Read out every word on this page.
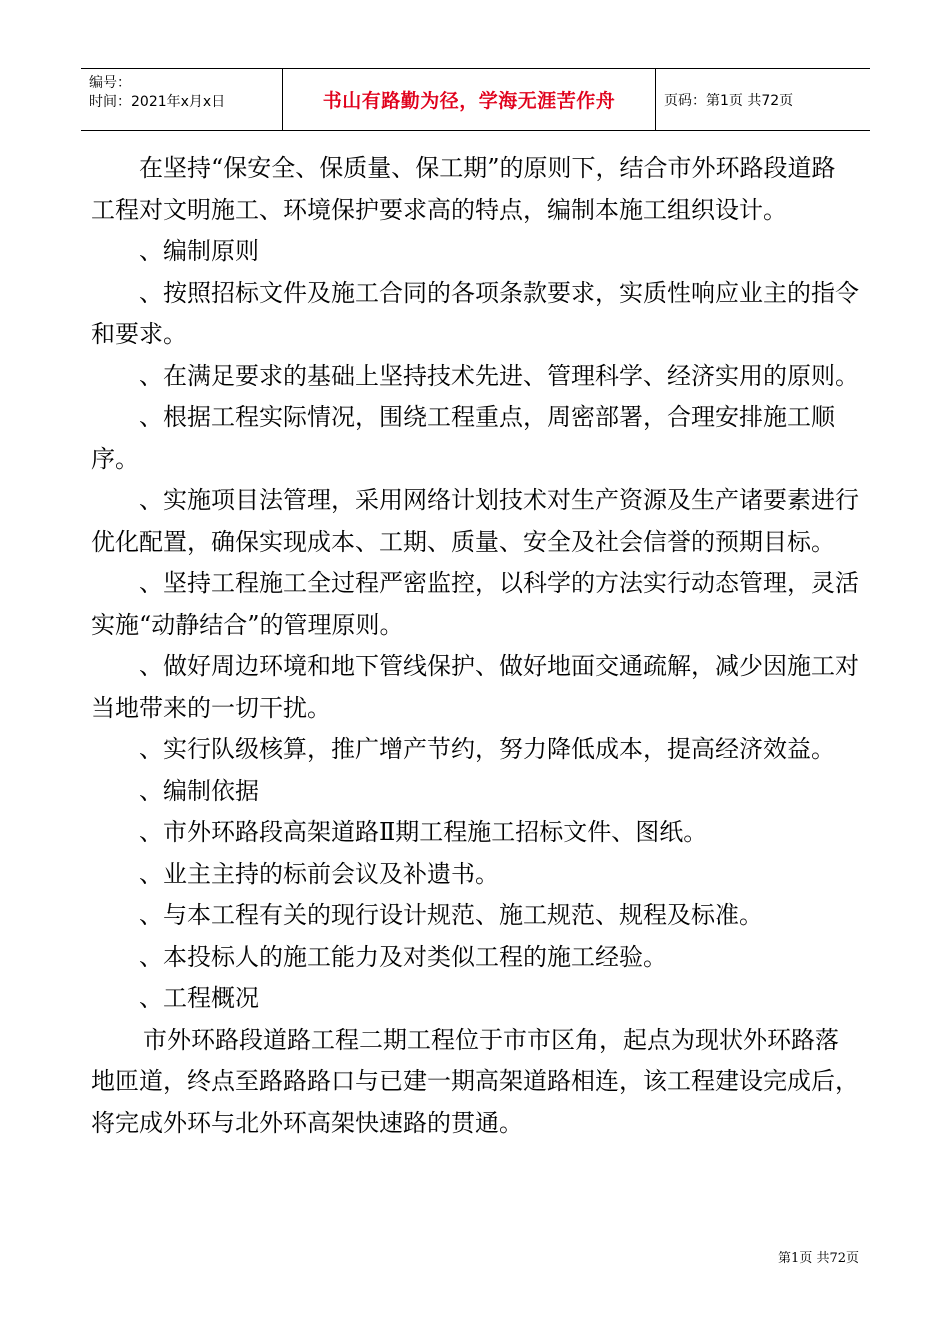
编号：
时间：2021年x月x日	书山有路勤为径，学海无涯苦作舟	页码：第1页 共72页

在坚持“保安全、保质量、保工期”的原则下，结合市外环路段道路工程对文明施工、环境保护要求高的特点，编制本施工组织设计。

、编制原则

、按照招标文件及施工合同的各项条款要求，实质性响应业主的指令和要求。

、在满足要求的基础上坚持技术先进、管理科学、经济实用的原则。

、根据工程实际情况，围绕工程重点，周密部署，合理安排施工顺序。

、实施项目法管理，采用网络计划技术对生产资源及生产诸要素进行优化配置，确保实现成本、工期、质量、安全及社会信誉的预期目标。

、坚持工程施工全过程严密监控，以科学的方法实行动态管理，灵活实施“动静结合”的管理原则。

、做好周边环境和地下管线保护、做好地面交通疏解，减少因施工对当地带来的一切干扰。

、实行队级核算，推广增产节约，努力降低成本，提高经济效益。

、编制依据

、市外环路段高架道路Ⅱ期工程施工招标文件、图纸。

、业主主持的标前会议及补遗书。

、与本工程有关的现行设计规范、施工规范、规程及标准。

、本投标人的施工能力及对类似工程的施工经验。

、工程概况

市外环路段道路工程二期工程位于市市区角，起点为现状外环路落地匝道，终点至路路路口与已建一期高架道路相连，该工程建设完成后，将完成外环与北外环高架快速路的贯通。

第1页 共72页
